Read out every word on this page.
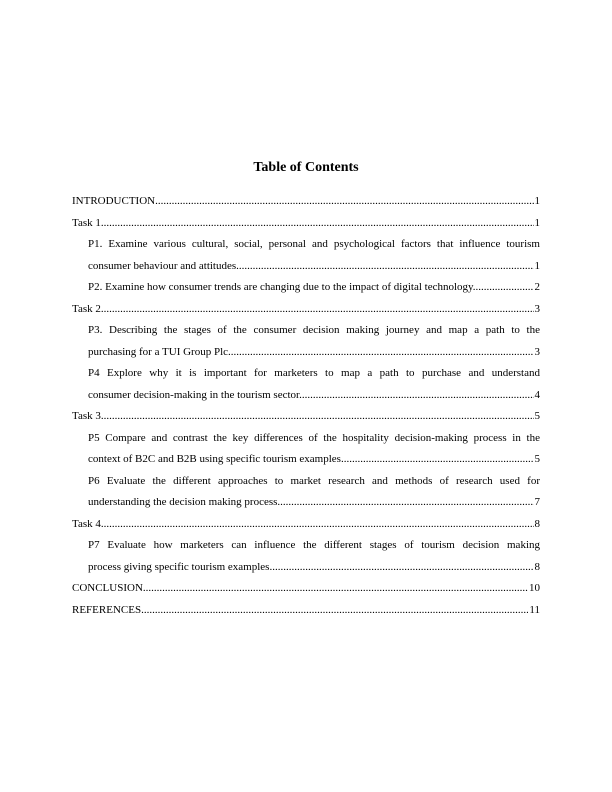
Table of Contents
INTRODUCTION .....	1
Task 1 .....	1
P1. Examine various cultural, social, personal and psychological factors that influence tourism
consumer behaviour and attitudes .....	1
P2. Examine how consumer trends are changing due to the impact of digital technology .....	2
Task 2 .....	3
P3. Describing the stages of the consumer decision making journey and map a path to the
purchasing for a TUI Group Plc .....	3
P4 Explore why it is important for marketers to map a path to purchase and understand
consumer decision-making in the tourism sector .....	4
Task 3 .....	5
P5 Compare and contrast the key differences of the hospitality decision-making process in the
context of B2C and B2B using specific tourism examples. .....	5
P6 Evaluate the different approaches to market research and methods of research used for
understanding the decision making process .....	7
Task 4 .....	8
P7 Evaluate how marketers can influence the different stages of tourism decision making
process giving specific tourism examples .....	8
CONCLUSION .....	10
REFERENCES .....	11
